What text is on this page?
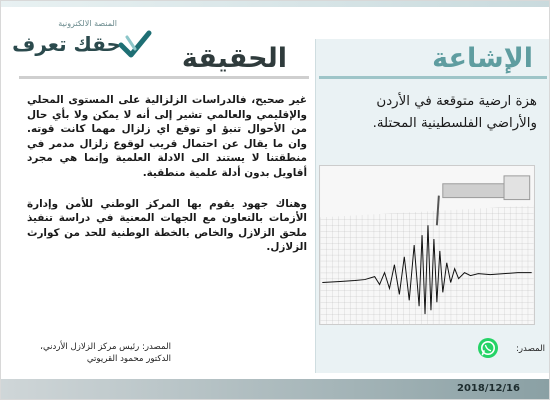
المنصة الالكترونية
حقك تعرف	الإشاعة
هزة ارضية متوقعة في الأردن والأراضي الفلسطينية المحتلة.
المصدر:
الحقيقة

غير صحيح، فالدراسات الزلزالية على المستوى المحلي والإقليمي والعالمي تشير إلى أنه لا يمكن ولا بأي حال من الأحوال تنبؤ او توقع اي زلزال مهما كانت قوته. وان ما يقال عن احتمال قريب لوقوع زلزال مدمر في منطقتنا لا يستند الى الادلة العلمية وإنما هي مجرد أقاويل بدون أدلة علمية منطقية.

وهناك جهود يقوم بها المركز الوطني للأمن وإدارة الأزمات بالتعاون مع الجهات المعنية في دراسة تنفيذ ملحق الزلازل والخاص بالخطة الوطنية للحد من كوارث الزلازل.

المصدر: رئيس مركز الزلازل الأردني،
الدكتور محمود القريوتي
2018/12/16
